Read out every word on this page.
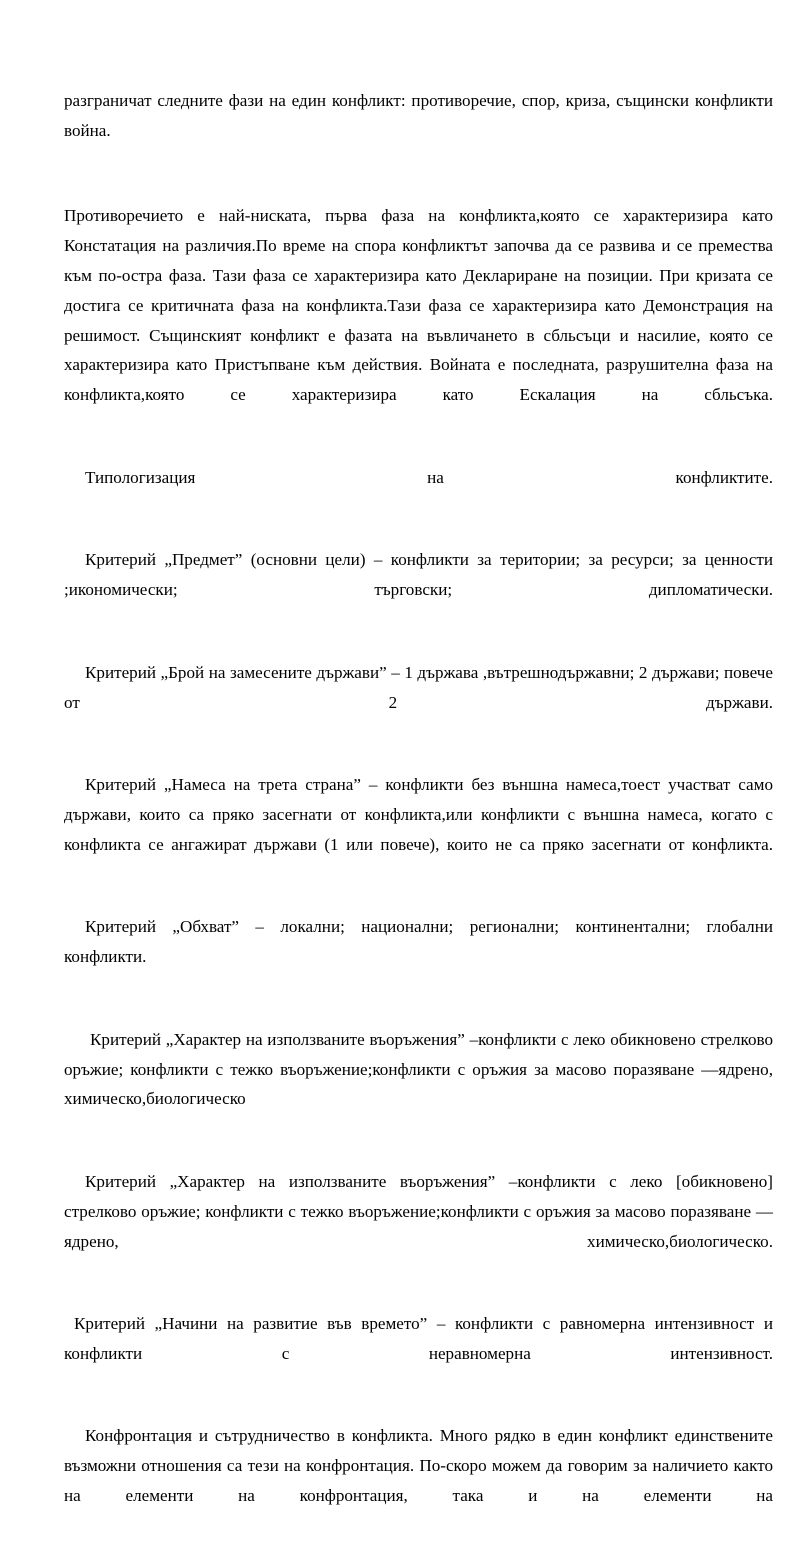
разграничат следните фази на един конфликт: противоречие, спор, криза, същински конфликти война.

Противоречието е най-ниската, първа фаза на конфликта,която се характеризира като Констатация на различия.По време на спора конфликтът започва да се развива и се премества към по-остра фаза. Тази фаза се характеризира като Деклариране на позиции. При кризата се достига се критичната фаза на конфликта.Тази фаза се характеризира като Демонстрация на решимост. Същинският конфликт е фазата на въвличането в сбльсъци и насилие, която се характеризира като Пристъпване към действия. Войната е последната, разрушителна фаза на конфликта,която се характеризира като Ескалация на сбльсъка.

Типологизация на конфликтите.

Критерий „Предмет” (основни цели) – конфликти за територии; за ресурси; за ценности ;икономически; търговски; дипломатически.

Критерий „Брой на замесените държави” – 1 държава ,вътрешнодържавни; 2 държави; повече от 2 държави.

Критерий „Намеса на трета страна” – конфликти без външна намеса,тоест участват само държави, които са пряко засегнати от конфликта,или конфликти с външна намеса, когато с конфликта се ангажират държави (1 или повече), които не са пряко засегнати от конфликта.

Критерий „Обхват” – локални; национални; регионални; континентални; глобални конфликти.

Критерий „Характер на използваните въоръжения” –конфликти с леко обикновено стрелково оръжие; конфликти с тежко въоръжение;конфликти с оръжия за масово поразяване —ядрено, химическо,биологическо

Критерий „Характер на използваните въоръжения” –конфликти с леко [обикновено] стрелково оръжие; конфликти с тежко въоръжение;конфликти с оръжия за масово поразяване —ядрено, химическо,биологическо.

Критерий „Начини на развитие във времето” – конфликти с равномерна интензивност и конфликти с неравномерна интензивност.

Конфронтация и сътрудничество в конфликта. Много рядко в един конфликт единствените възможни отношения са тези на конфронтация. По-скоро можем да говорим за наличието както на елементи на конфронтация, така и на елементи на
